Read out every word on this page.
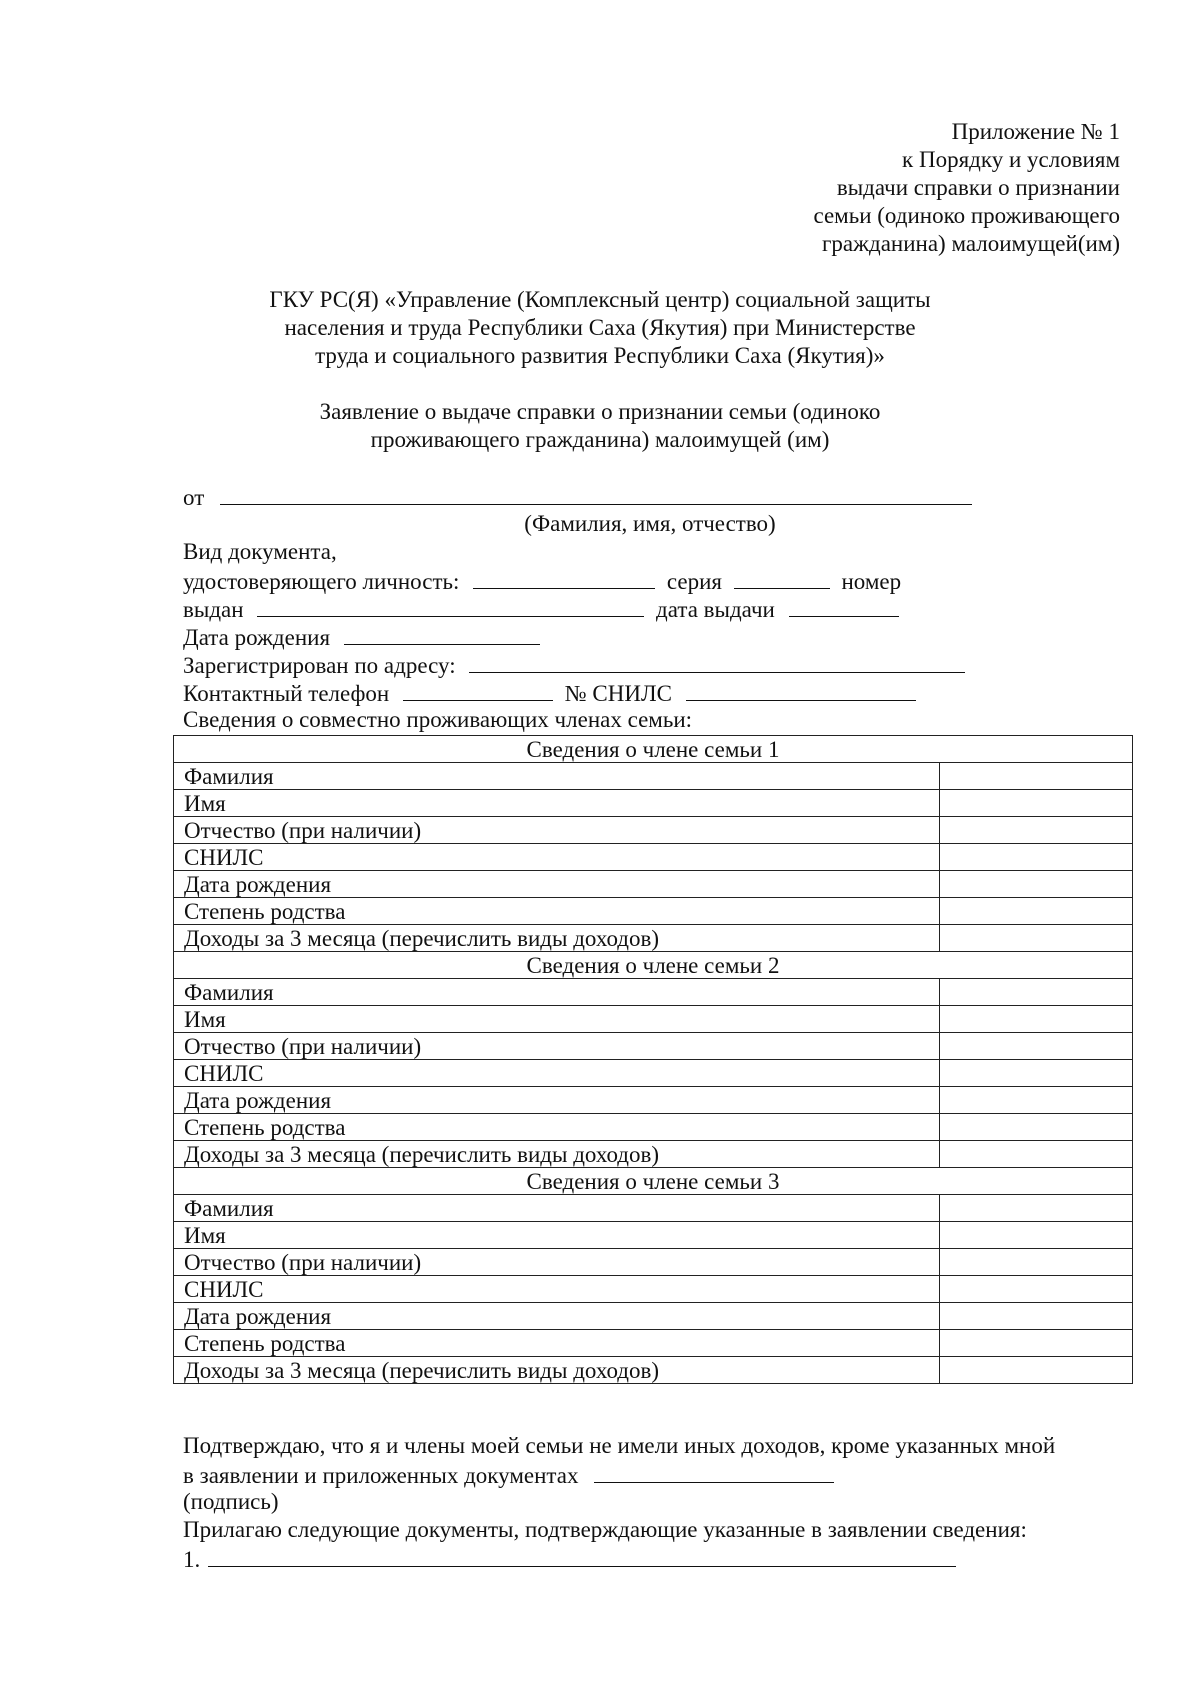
Приложение № 1
к Порядку и условиям
выдачи справки о признании
семьи (одиноко проживающего
гражданина) малоимущей(им)
ГКУ РС(Я) «Управление (Комплексный центр) социальной защиты
населения и труда Республики Саха (Якутия) при Министерстве
труда и социального развития Республики Саха (Якутия)»
Заявление о выдаче справки о признании семьи (одиноко
проживающего гражданина) малоимущей (им)
от
(Фамилия, имя, отчество)
Вид документа,
удостоверяющего личность:	серия	номер
выдан	дата выдачи
Дата рождения
Зарегистрирован по адресу:
Контактный телефон	№ СНИЛС
Сведения о совместно проживающих членах семьи:
Сведения о члене семьи 1	
Фамилия	
Имя	
Отчество (при наличии)	
СНИЛС	
Дата рождения	
Степень родства	
Доходы за 3 месяца (перечислить виды доходов)	
Сведения о члене семьи 2	
Фамилия	
Имя	
Отчество (при наличии)	
СНИЛС	
Дата рождения	
Степень родства	
Доходы за 3 месяца (перечислить виды доходов)	
Сведения о члене семьи 3	
Фамилия	
Имя	
Отчество (при наличии)	
СНИЛС	
Дата рождения	
Степень родства	
Доходы за 3 месяца (перечислить виды доходов)	
Подтверждаю, что я и члены моей семьи не имели иных доходов, кроме указанных мной
в заявлении и приложенных документах
(подпись)
Прилагаю следующие документы, подтверждающие указанные в заявлении сведения:
1.
